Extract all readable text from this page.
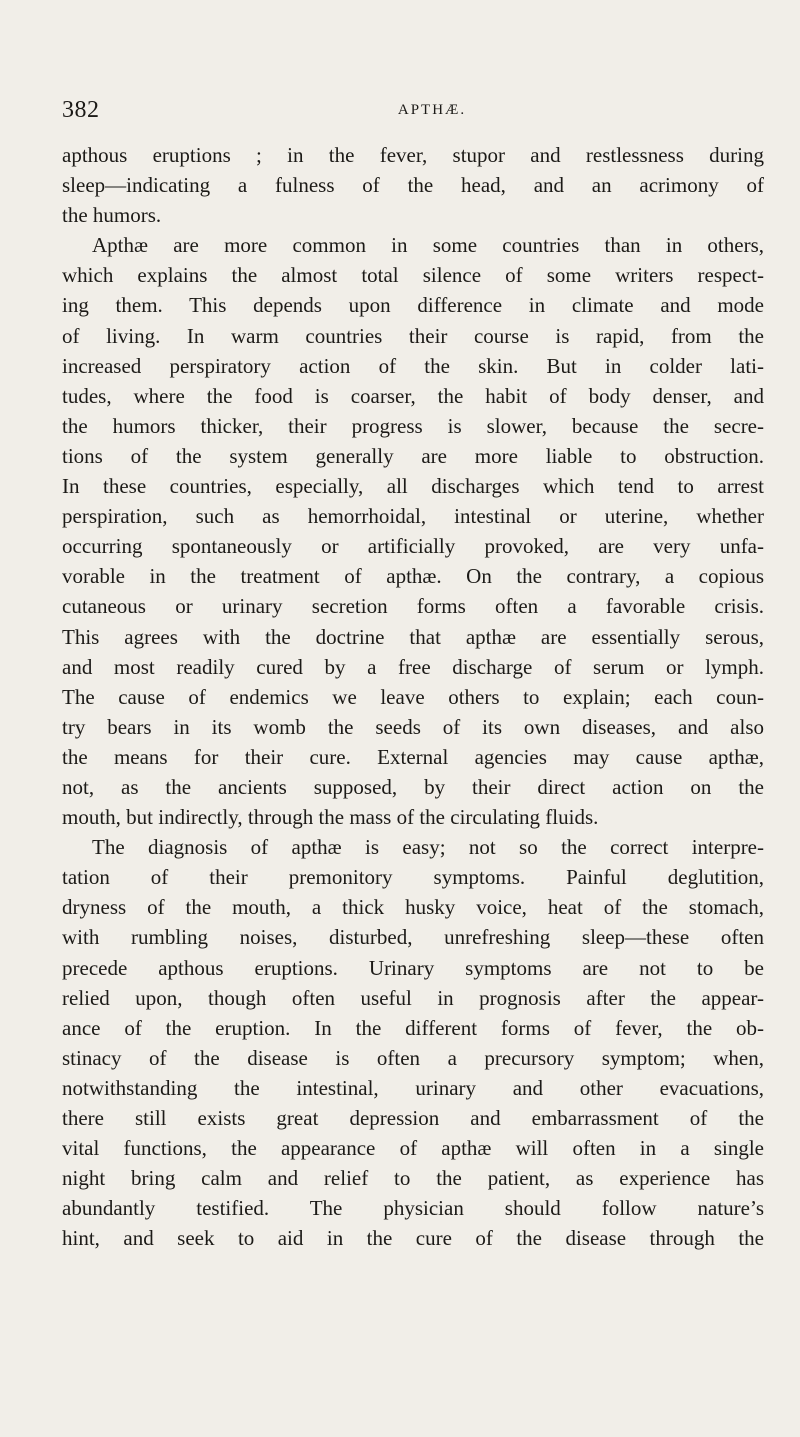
382	APTHÆ.
apthous eruptions ; in the fever, stupor and restlessness during
sleep—indicating a fulness of the head, and an acrimony of
the humors.
Apthæ are more common in some countries than in others,
which explains the almost total silence of some writers respect-
ing them. This depends upon difference in climate and mode
of living. In warm countries their course is rapid, from the
increased perspiratory action of the skin. But in colder lati-
tudes, where the food is coarser, the habit of body denser, and
the humors thicker, their progress is slower, because the secre-
tions of the system generally are more liable to obstruction.
In these countries, especially, all discharges which tend to arrest
perspiration, such as hemorrhoidal, intestinal or uterine, whether
occurring spontaneously or artificially provoked, are very unfa-
vorable in the treatment of apthæ. On the contrary, a copious
cutaneous or urinary secretion forms often a favorable crisis.
This agrees with the doctrine that apthæ are essentially serous,
and most readily cured by a free discharge of serum or lymph.
The cause of endemics we leave others to explain; each coun-
try bears in its womb the seeds of its own diseases, and also
the means for their cure. External agencies may cause apthæ,
not, as the ancients supposed, by their direct action on the
mouth, but indirectly, through the mass of the circulating fluids.
The diagnosis of apthæ is easy; not so the correct interpre-
tation of their premonitory symptoms. Painful deglutition,
dryness of the mouth, a thick husky voice, heat of the stomach,
with rumbling noises, disturbed, unrefreshing sleep—these often
precede apthous eruptions. Urinary symptoms are not to be
relied upon, though often useful in prognosis after the appear-
ance of the eruption. In the different forms of fever, the ob-
stinacy of the disease is often a precursory symptom; when,
notwithstanding the intestinal, urinary and other evacuations,
there still exists great depression and embarrassment of the
vital functions, the appearance of apthæ will often in a single
night bring calm and relief to the patient, as experience has
abundantly testified. The physician should follow nature’s
hint, and seek to aid in the cure of the disease through the
